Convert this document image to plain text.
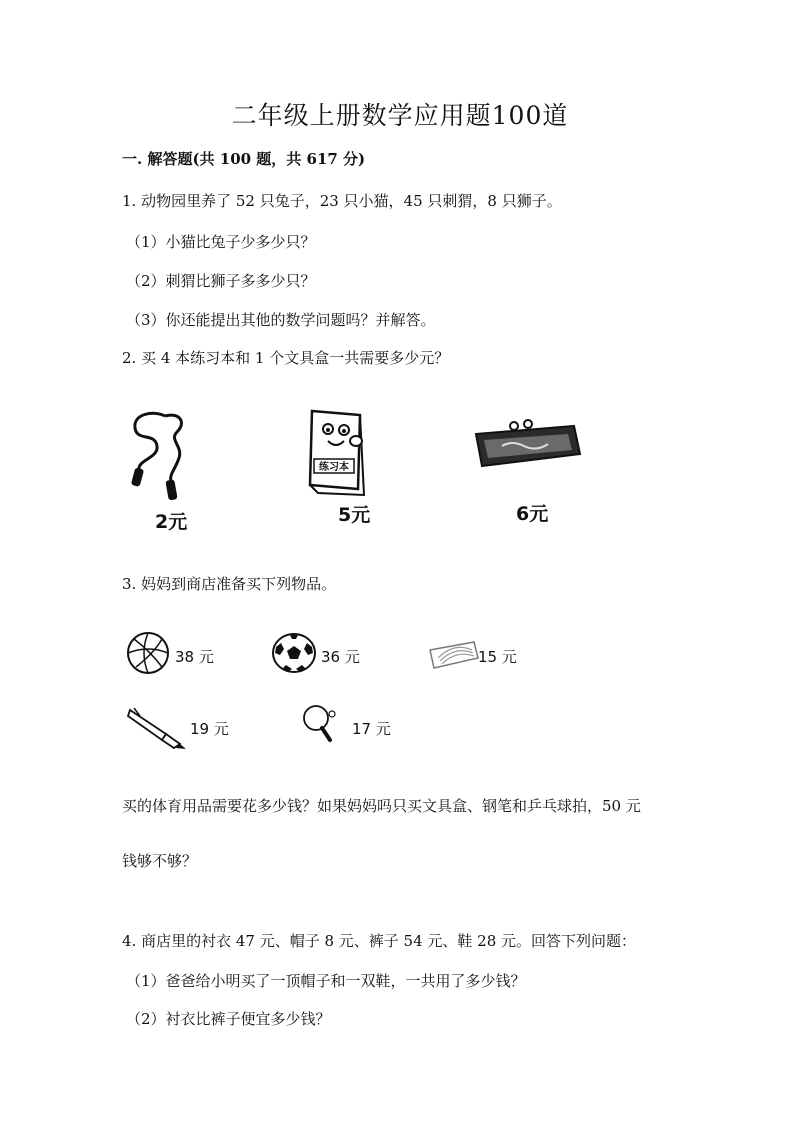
二年级上册数学应用题100道
一. 解答题(共 100 题，共 617 分)
1. 动物园里养了 52 只兔子，23 只小猫，45 只刺猬，8 只狮子。
（1）小猫比兔子少多少只？
（2）刺猬比狮子多多少只？
（3）你还能提出其他的数学问题吗？并解答。
2. 买 4 本练习本和 1 个文具盒一共需要多少元？
2元
练习本
5元	6元
3. 妈妈到商店准备买下列物品。
38 元	36 元	15 元
19 元	17 元
买的体育用品需要花多少钱？如果妈妈吗只买文具盒、钢笔和乒乓球拍，50 元
钱够不够？
4. 商店里的衬衣 47 元、帽子 8 元、裤子 54 元、鞋 28 元。回答下列问题：
（1）爸爸给小明买了一顶帽子和一双鞋，一共用了多少钱？
（2）衬衣比裤子便宜多少钱？
